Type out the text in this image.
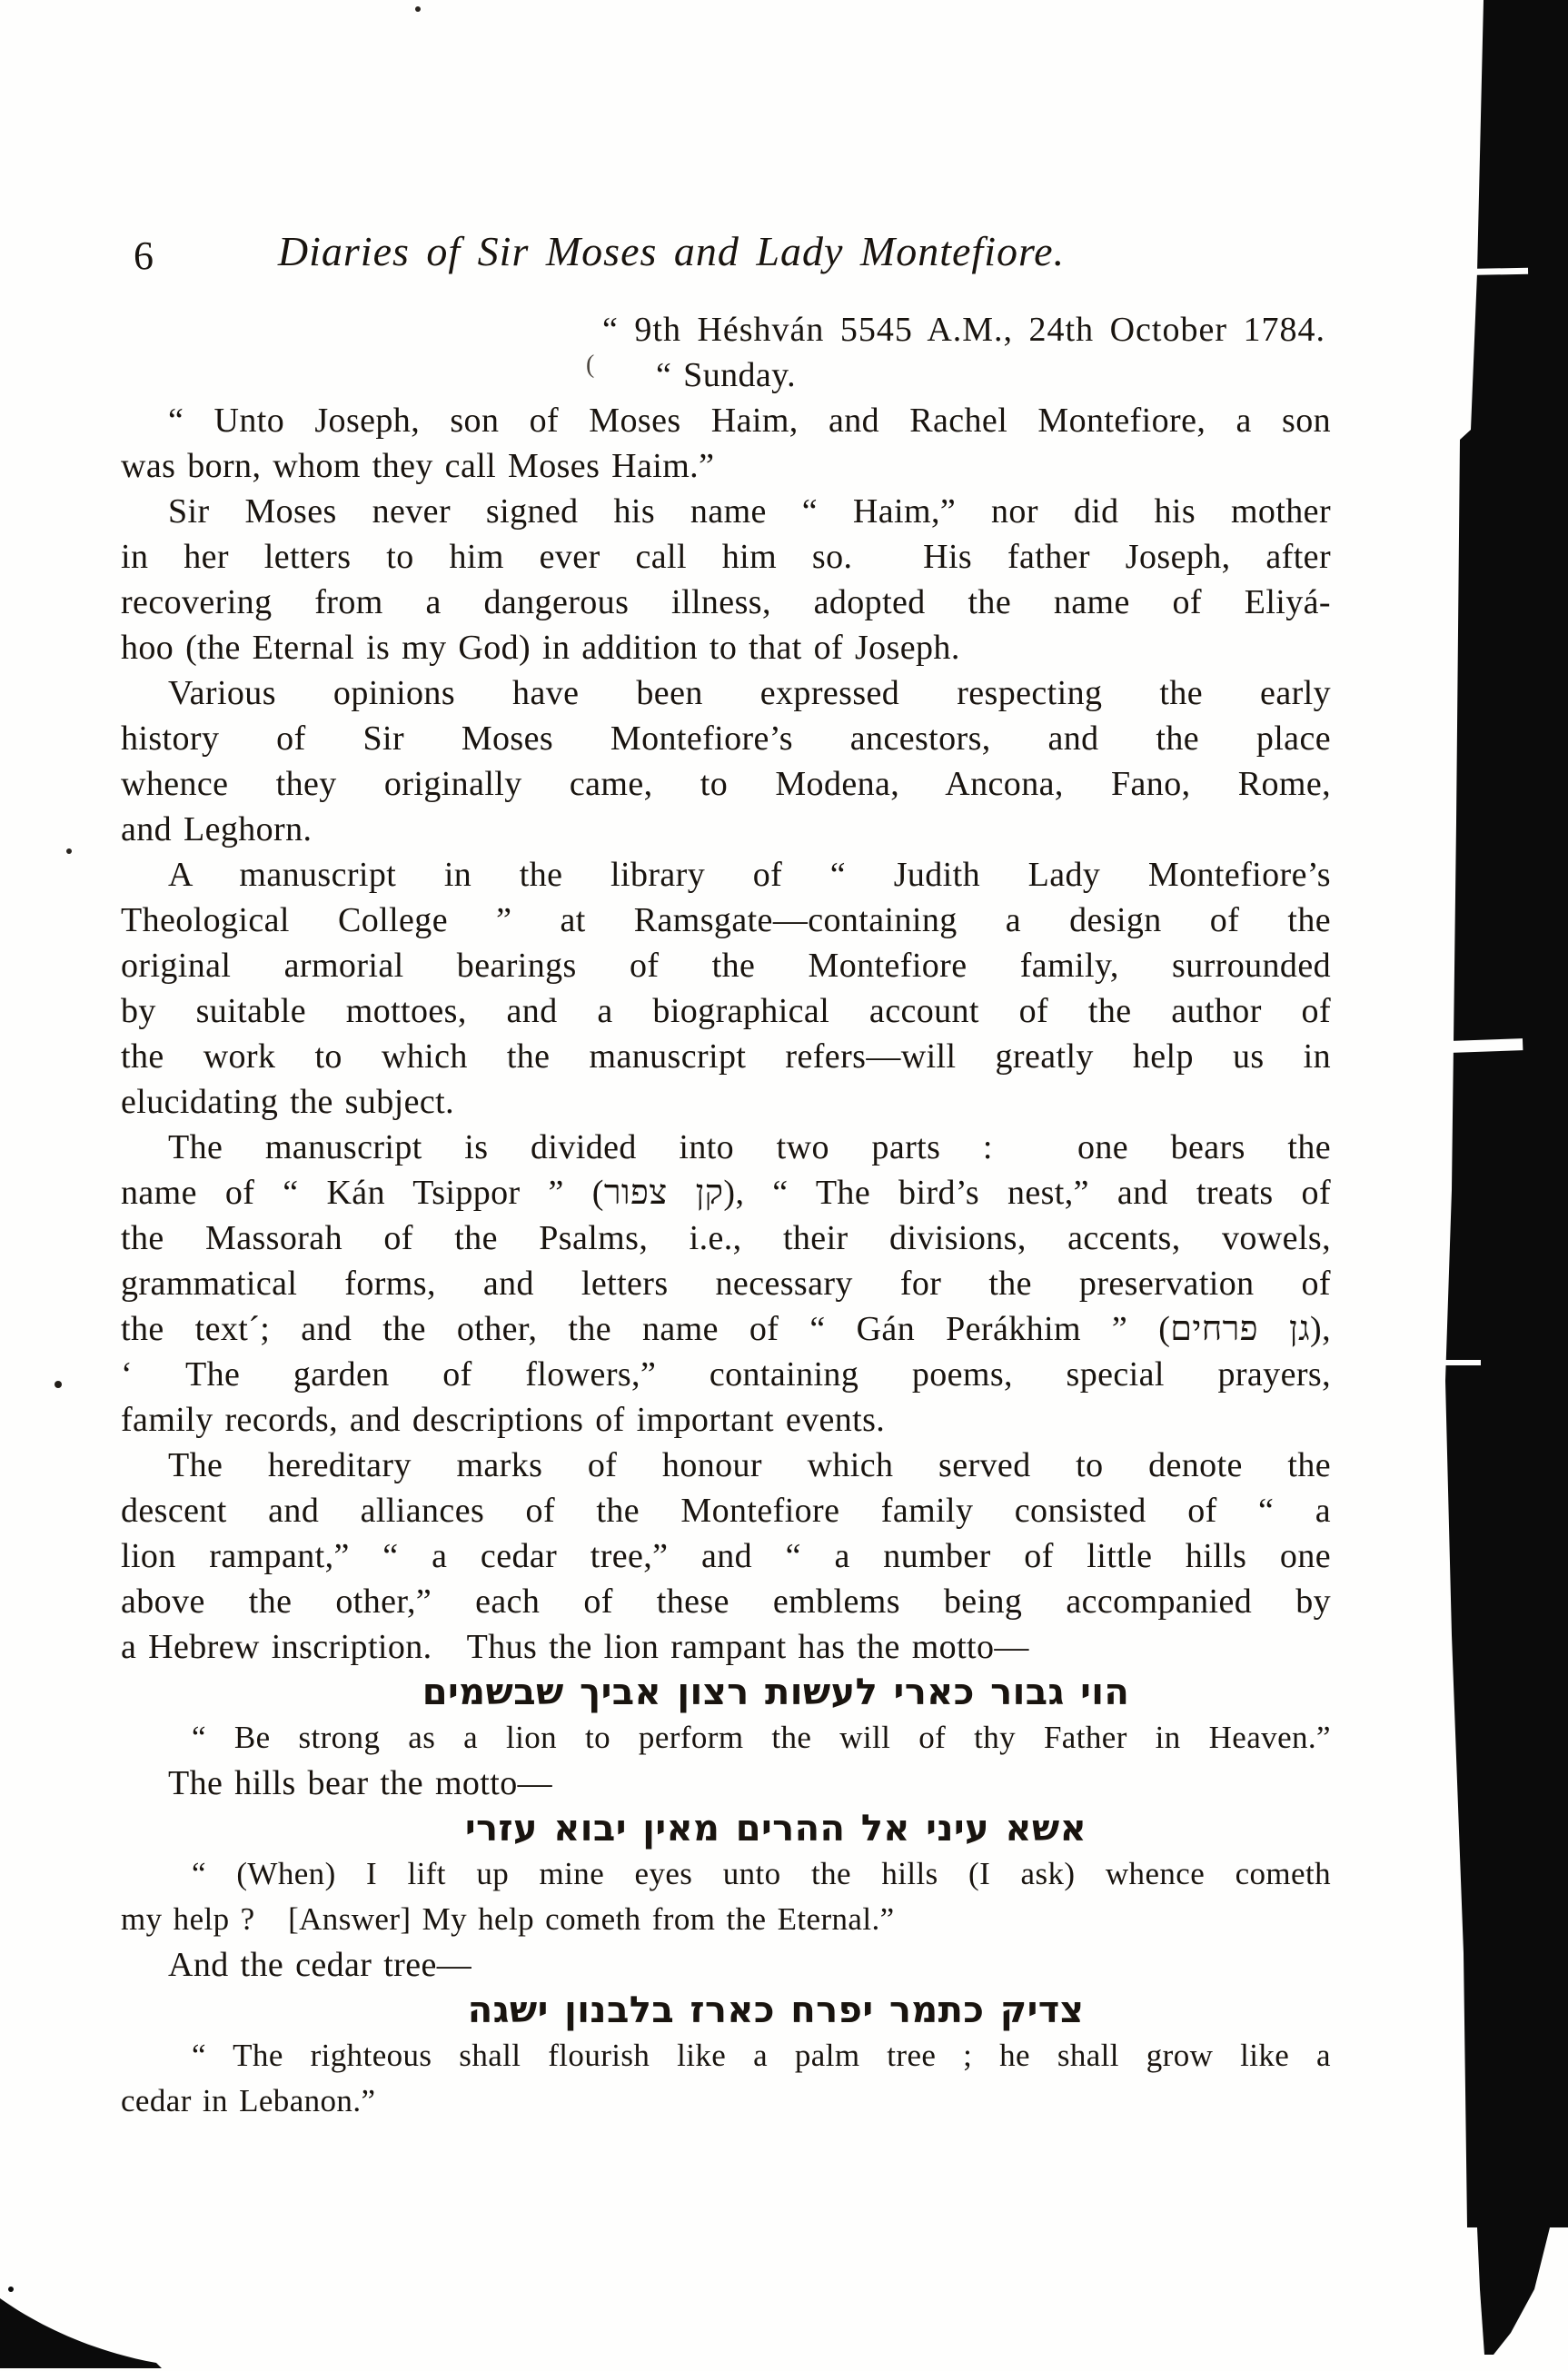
6	Diaries of Sir Moses and Lady Montefiore.
“ 9th Héshván 5545 A.M., 24th October 1784.
“ Sunday.
“ Unto Joseph, son of Moses Haim, and Rachel Montefiore, a son
was born, whom they call Moses Haim.”
Sir Moses never signed his name “ Haim,” nor did his mother
in her letters to him ever call him so.  His father Joseph, after
recovering from a dangerous illness, adopted the name of Eliyá-
hoo (the Eternal is my God) in addition to that of Joseph.
Various opinions have been expressed respecting the early
history of Sir Moses Montefiore’s ancestors, and the place
whence they originally came, to Modena, Ancona, Fano, Rome,
and Leghorn.
A manuscript in the library of “ Judith Lady Montefiore’s
Theological College ” at Ramsgate—containing a design of the
original armorial bearings of the Montefiore family, surrounded
by suitable mottoes, and a biographical account of the author of
the work to which the manuscript refers—will greatly help us in
elucidating the subject.
The manuscript is divided into two parts :  one bears the
name of “ Kán Tsippor ” (קן צפור), “ The bird’s nest,” and treats of
the Massorah of the Psalms, i.e., their divisions, accents, vowels,
grammatical forms, and letters necessary for the preservation of
the text´; and the other, the name of “ Gán Perákhim ” (גן פרחים),
‘ The garden of flowers,” containing poems, special prayers,
family records, and descriptions of important events.
The hereditary marks of honour which served to denote the
descent and alliances of the Montefiore family consisted of “ a
lion rampant,” “ a cedar tree,” and “ a number of little hills one
above the other,” each of these emblems being accompanied by
a Hebrew inscription.   Thus the lion rampant has the motto—
הוי גבור כארי לעשות רצון אביך שבשמים
“ Be strong as a lion to perform the will of thy Father in Heaven.”
The hills bear the motto—
אשא עיני אל ההרים מאין יבוא עזרי
“ (When) I lift up mine eyes unto the hills (I ask) whence cometh
my help ?   [Answer] My help cometh from the Eternal.”
And the cedar tree—
צדיק כתמר יפרח כארז בלבנון ישגה
“ The righteous shall flourish like a palm tree ; he shall grow like a
cedar in Lebanon.”
(
